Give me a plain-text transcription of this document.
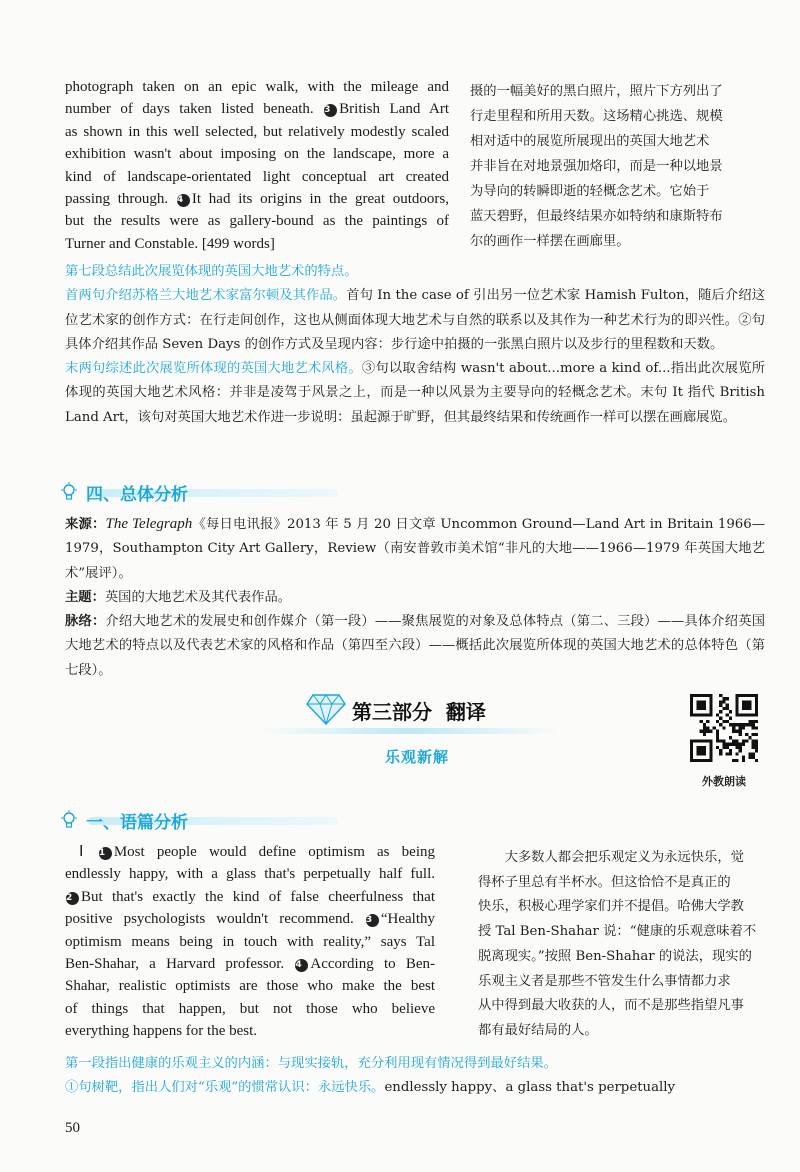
photograph taken on an epic walk, with the mileage and
number of days taken listed beneath. 3 British Land Art
as shown in this well selected, but relatively modestly scaled
exhibition wasn't about imposing on the landscape, more a
kind of landscape-orientated light conceptual art created
passing through. 4 It had its origins in the great outdoors,
but the results were as gallery-bound as the paintings of
Turner and Constable. [499 words]
摄的一幅美好的黑白照片，照片下方列出了
行走里程和所用天数。这场精心挑选、规模
相对适中的展览所展现出的英国大地艺术
并非旨在对地景强加烙印，而是一种以地景
为导向的转瞬即逝的轻概念艺术。它始于
蓝天碧野，但最终结果亦如特纳和康斯特布
尔的画作一样摆在画廊里。

第七段总结此次展览体现的英国大地艺术的特点。

首两句介绍苏格兰大地艺术家富尔顿及其作品。首句 In the case of 引出另一位艺术家 Hamish Fulton，随后介绍这位艺术家的创作方式：在行走间创作，这也从侧面体现大地艺术与自然的联系以及其作为一种艺术行为的即兴性。②句具体介绍其作品 Seven Days 的创作方式及呈现内容：步行途中拍摄的一张黑白照片以及步行的里程数和天数。

末两句综述此次展览所体现的英国大地艺术风格。③句以取舍结构 wasn't about...more a kind of...指出此次展览所体现的英国大地艺术风格：并非是凌驾于风景之上，而是一种以风景为主要导向的轻概念艺术。末句 It 指代 British Land Art，该句对英国大地艺术作进一步说明：虽起源于旷野，但其最终结果和传统画作一样可以摆在画廊展览。

四、总体分析

来源：The Telegraph《每日电讯报》2013 年 5 月 20 日文章 Uncommon Ground—Land Art in Britain 1966—1979，Southampton City Art Gallery，Review（南安普敦市美术馆“非凡的大地——1966—1979 年英国大地艺术”展评）。

主题：英国的大地艺术及其代表作品。

脉络：介绍大地艺术的发展史和创作媒介（第一段）——聚焦展览的对象及总体特点（第二、三段）——具体介绍英国大地艺术的特点以及代表艺术家的风格和作品（第四至六段）——概括此次展览所体现的英国大地艺术的总体特色（第七段）。

第三部分  翻译
乐观新解
外教朗读
一、语篇分析
Ⅰ 1 Most people would define optimism as being
endlessly happy, with a glass that's perpetually half full.
2 But that's exactly the kind of false cheerfulness that
positive psychologists wouldn't recommend. 3 “Healthy
optimism means being in touch with reality,” says Tal
Ben-Shahar, a Harvard professor. 4 According to Ben-
Shahar, realistic optimists are those who make the best
of things that happen, but not those who believe
everything happens for the best.
　　大多数人都会把乐观定义为永远快乐，觉
得杯子里总有半杯水。但这恰恰不是真正的
快乐，积极心理学家们并不提倡。哈佛大学教
授 Tal Ben-Shahar 说：“健康的乐观意味着不
脱离现实。”按照 Ben-Shahar 的说法，现实的
乐观主义者是那些不管发生什么事情都力求
从中得到最大收获的人，而不是那些指望凡事
都有最好结局的人。

第一段指出健康的乐观主义的内涵：与现实接轨，充分利用现有情况得到最好结果。

①句树靶，指出人们对“乐观”的惯常认识：永远快乐。endlessly happy、a glass that's perpetually

50
